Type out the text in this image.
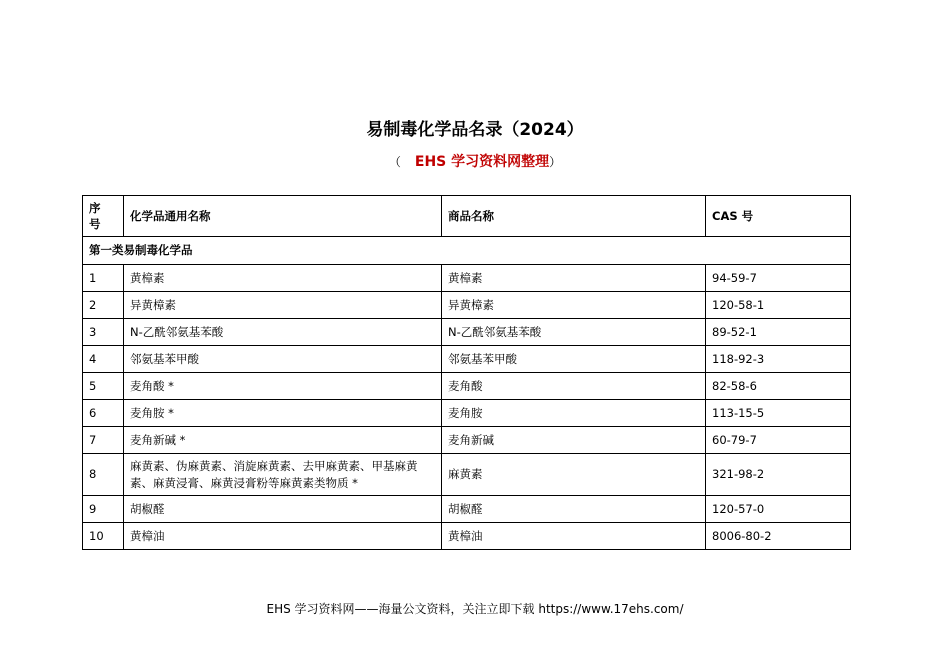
易制毒化学品名录（2024）
（ EHS 学习资料网整理）
序
号	化学品通用名称	商品名称	CAS 号
第一类易制毒化学品			
1	黄樟素	黄樟素	94-59-7
2	异黄樟素	异黄樟素	120-58-1
3	N-乙酰邻氨基苯酸	N-乙酰邻氨基苯酸	89-52-1
4	邻氨基苯甲酸	邻氨基苯甲酸	118-92-3
5	麦角酸 *	麦角酸	82-58-6
6	麦角胺 *	麦角胺	113-15-5
7	麦角新碱 *	麦角新碱	60-79-7
8	麻黄素、伪麻黄素、消旋麻黄素、去甲麻黄素、甲基麻黄素、麻黄浸膏、麻黄浸膏粉等麻黄素类物质 *	麻黄素	321-98-2
9	胡椒醛	胡椒醛	120-57-0
10	黄樟油	黄樟油	8006-80-2
EHS 学习资料网——海量公文资料，关注立即下载 https://www.17ehs.com/
